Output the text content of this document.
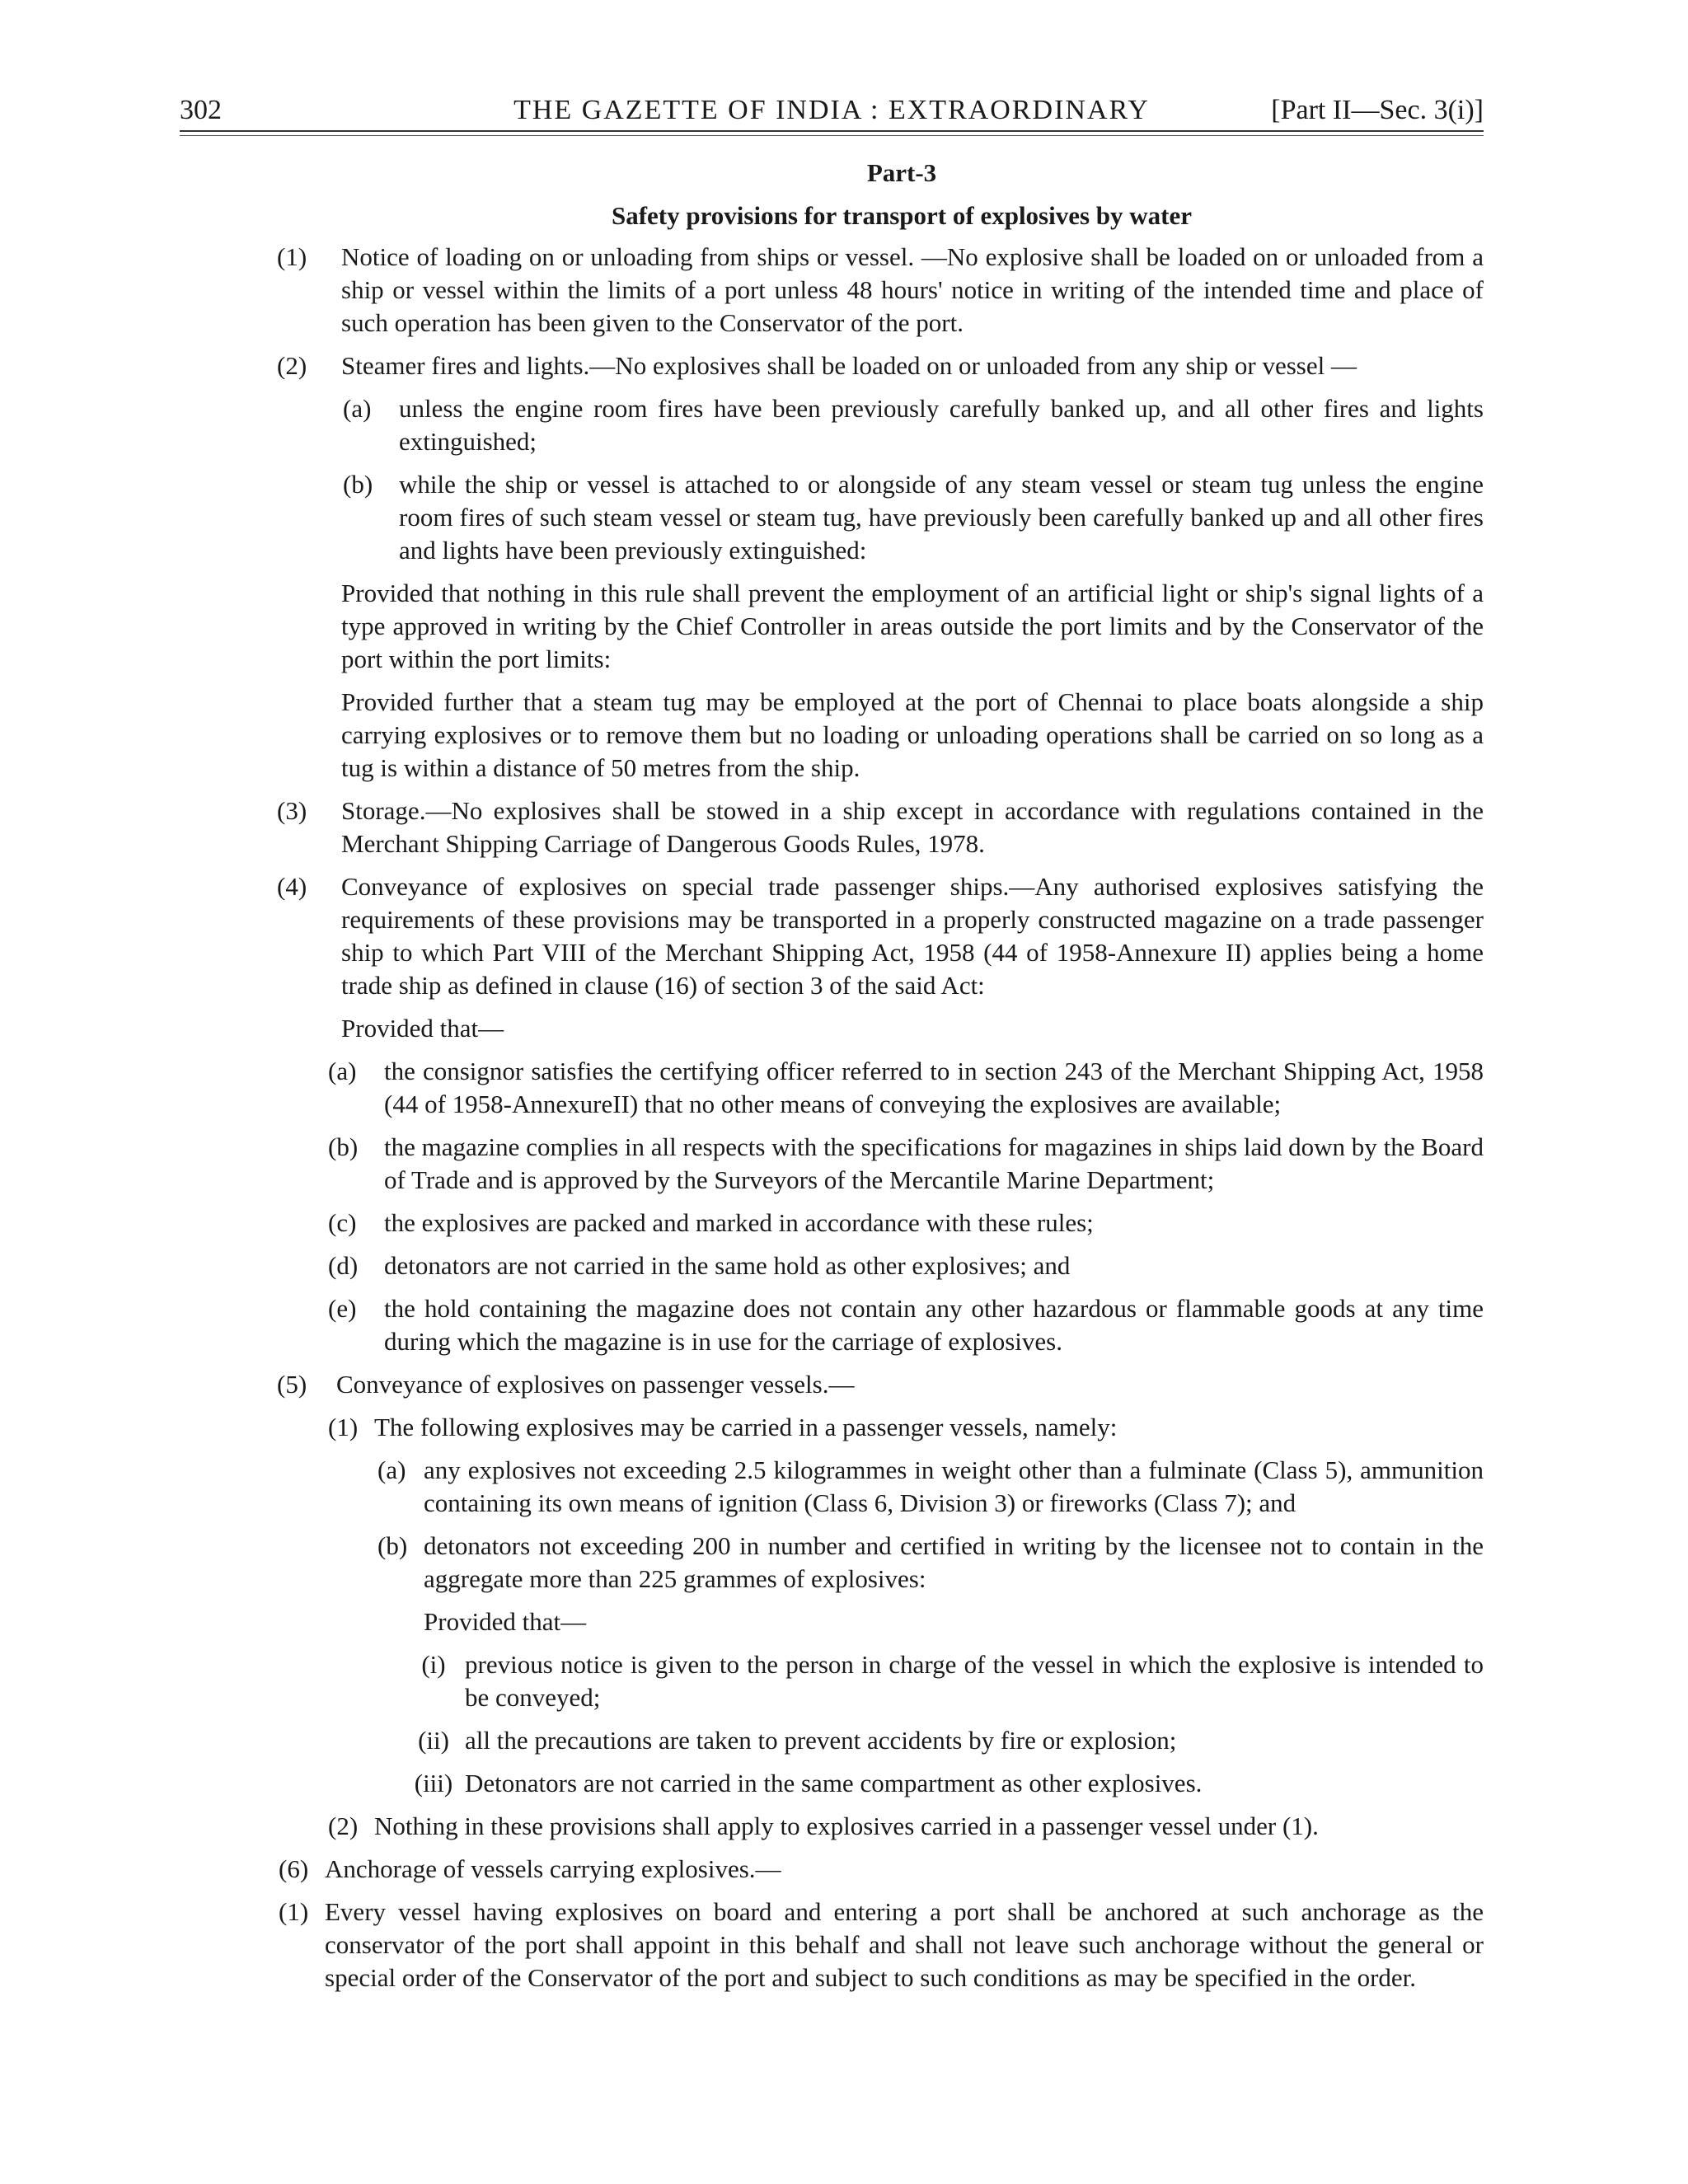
302	THE GAZETTE OF INDIA : EXTRAORDINARY	[Part II—Sec. 3(i)]
Part-3
Safety provisions for transport of explosives by water
(1) Notice of loading on or unloading from ships or vessel. —No explosive shall be loaded on or unloaded from a ship or vessel within the limits of a port unless 48 hours' notice in writing of the intended time and place of such operation has been given to the Conservator of the port.
(2) Steamer fires and lights.—No explosives shall be loaded on or unloaded from any ship or vessel —
(a) unless the engine room fires have been previously carefully banked up, and all other fires and lights extinguished;
(b) while the ship or vessel is attached to or alongside of any steam vessel or steam tug unless the engine room fires of such steam vessel or steam tug, have previously been carefully banked up and all other fires and lights have been previously extinguished:
Provided that nothing in this rule shall prevent the employment of an artificial light or ship's signal lights of a type approved in writing by the Chief Controller in areas outside the port limits and by the Conservator of the port within the port limits:
Provided further that a steam tug may be employed at the port of Chennai to place boats alongside a ship carrying explosives or to remove them but no loading or unloading operations shall be carried on so long as a tug is within a distance of 50 metres from the ship.
(3) Storage.—No explosives shall be stowed in a ship except in accordance with regulations contained in the Merchant Shipping Carriage of Dangerous Goods Rules, 1978.
(4) Conveyance of explosives on special trade passenger ships.—Any authorised explosives satisfying the requirements of these provisions may be transported in a properly constructed magazine on a trade passenger ship to which Part VIII of the Merchant Shipping Act, 1958 (44 of 1958-Annexure II) applies being a home trade ship as defined in clause (16) of section 3 of the said Act:
Provided that—
(a) the consignor satisfies the certifying officer referred to in section 243 of the Merchant Shipping Act, 1958 (44 of 1958-AnnexureII) that no other means of conveying the explosives are available;
(b) the magazine complies in all respects with the specifications for magazines in ships laid down by the Board of Trade and is approved by the Surveyors of the Mercantile Marine Department;
(c) the explosives are packed and marked in accordance with these rules;
(d) detonators are not carried in the same hold as other explosives; and
(e) the hold containing the magazine does not contain any other hazardous or flammable goods at any time during which the magazine is in use for the carriage of explosives.
(5) Conveyance of explosives on passenger vessels.—
(1) The following explosives may be carried in a passenger vessels, namely:
(a) any explosives not exceeding 2.5 kilogrammes in weight other than a fulminate (Class 5), ammunition containing its own means of ignition (Class 6, Division 3) or fireworks (Class 7); and
(b) detonators not exceeding 200 in number and certified in writing by the licensee not to contain in the aggregate more than 225 grammes of explosives:
Provided that—
(i) previous notice is given to the person in charge of the vessel in which the explosive is intended to be conveyed;
(ii) all the precautions are taken to prevent accidents by fire or explosion;
(iii) Detonators are not carried in the same compartment as other explosives.
(2) Nothing in these provisions shall apply to explosives carried in a passenger vessel under (1).
(6) Anchorage of vessels carrying explosives.—
(1) Every vessel having explosives on board and entering a port shall be anchored at such anchorage as the conservator of the port shall appoint in this behalf and shall not leave such anchorage without the general or special order of the Conservator of the port and subject to such conditions as may be specified in the order.
